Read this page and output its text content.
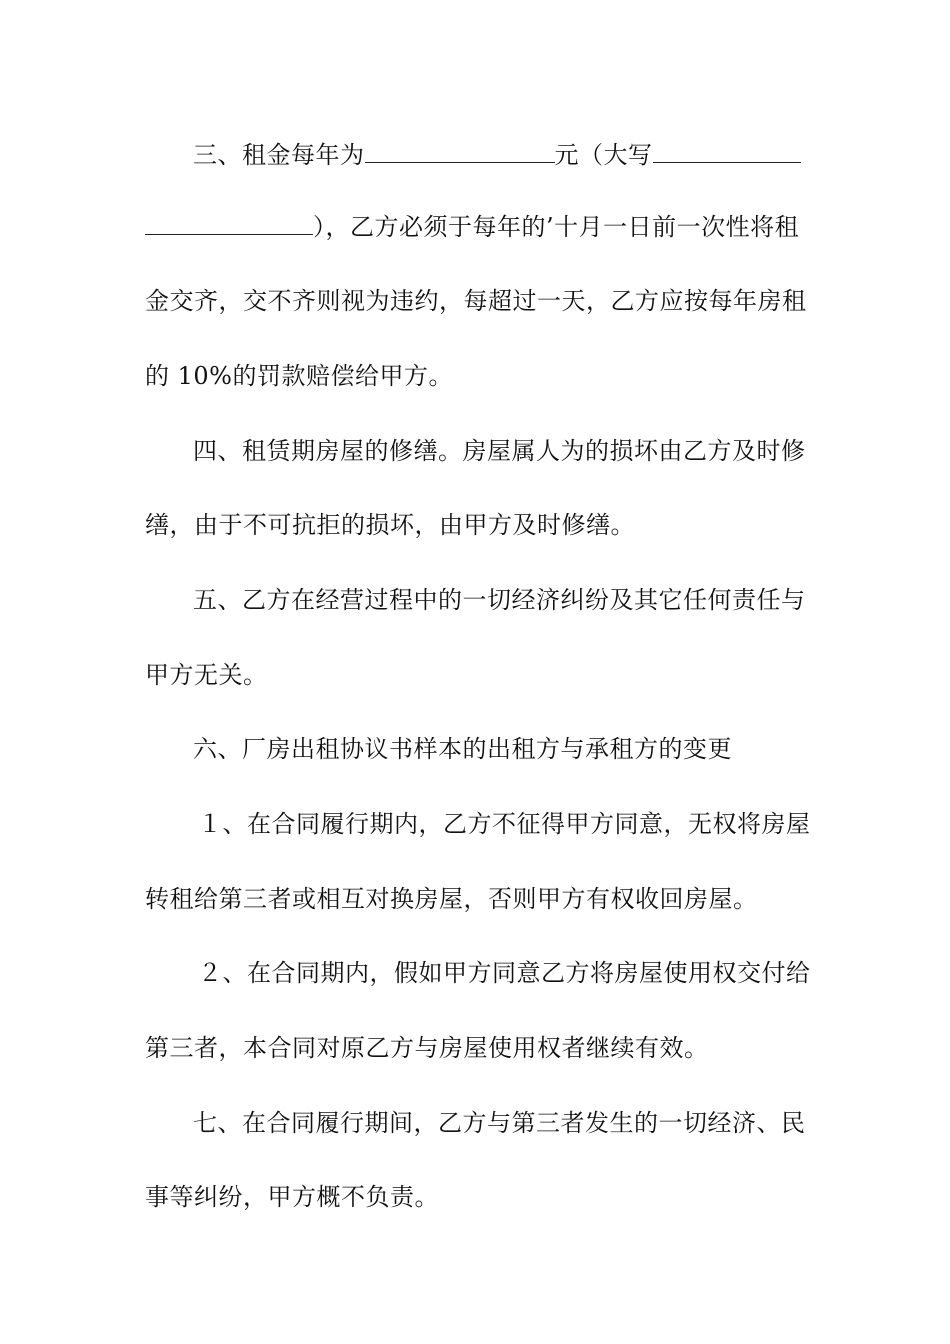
三、租金每年为	元（大写
），乙方必须于每年的’十月一日前一次性将租
金交齐，交不齐则视为违约，每超过一天，乙方应按每年房租
的 10%的罚款赔偿给甲方。
四、租赁期房屋的修缮。房屋属人为的损坏由乙方及时修
缮，由于不可抗拒的损坏，由甲方及时修缮。
五、乙方在经营过程中的一切经济纠纷及其它任何责任与
甲方无关。
六、厂房出租协议书样本的出租方与承租方的变更
１、在合同履行期内，乙方不征得甲方同意，无权将房屋
转租给第三者或相互对换房屋，否则甲方有权收回房屋。
２、在合同期内，假如甲方同意乙方将房屋使用权交付给
第三者，本合同对原乙方与房屋使用权者继续有效。
七、在合同履行期间，乙方与第三者发生的一切经济、民
事等纠纷，甲方概不负责。
